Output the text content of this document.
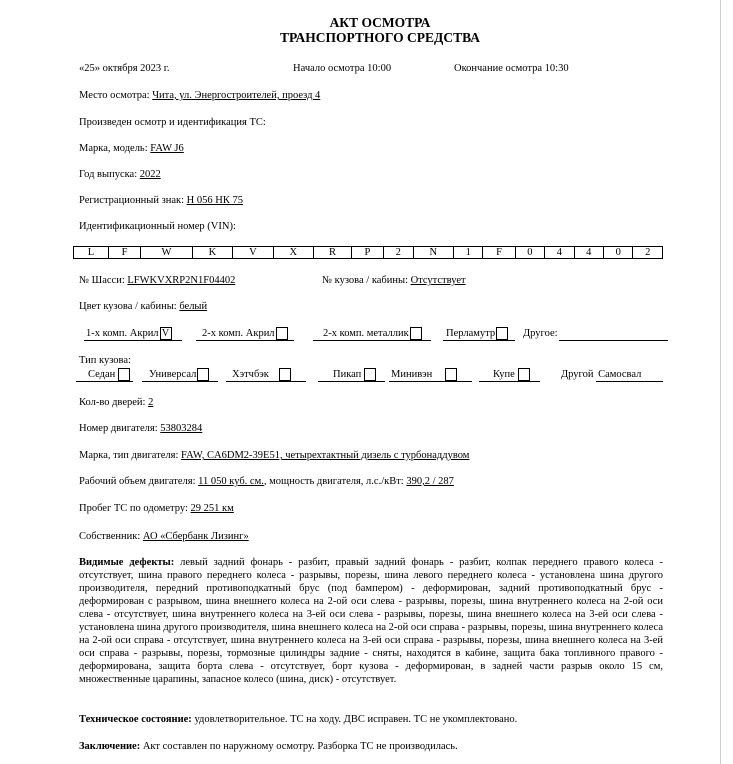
АКТ ОСМОТРА
ТРАНСПОРТНОГО СРЕДСТВА
«25» октября 2023 г.	Начало осмотра 10:00	Окончание осмотра 10:30
Место осмотра: Чита, ул. Энергостроителей, проезд 4
Произведен осмотр и идентификация ТС:
Марка, модель: FAW J6
Год выпуска: 2022
Регистрационный знак: Н 056 НК 75
Идентификационный номер (VIN):
L	F	W	K	V	X	R	P	2	N	1	F	0	4	4	0	2
№ Шасси: LFWKVXRP2N1F04402	№ кузова / кабины: Отсутствует
Цвет кузова / кабины: белый
1-х комп. Акрил V	2-х комп. Акрил	2-х комп. металлик	Перламутр	Другое:
Тип кузова:
Седан	Универсал	Хэтчбэк	Пикап	Минивэн	Купе	Другой Самосвал
Кол-во дверей: 2
Номер двигателя: 53803284
Марка, тип двигателя: FAW, CA6DM2-39E51, четырехтактный дизель с турбонаддувом
Рабочий объем двигателя: 11 050 куб. см., мощность двигателя, л.с./кВт: 390,2 / 287
Пробег ТС по одометру: 29 251 км
Собственник: АО «Сбербанк Лизинг»
Видимые дефекты: левый задний фонарь - разбит, правый задний фонарь - разбит, колпак переднего правого колеса - отсутствует, шина правого переднего колеса - разрывы, порезы, шина левого переднего колеса - установлена шина другого производителя, передний противоподкатный брус (под бампером) - деформирован, задний противоподкатный брус - деформирован с разрывом, шина внешнего колеса на 2-ой оси слева - разрывы, порезы, шина внутреннего колеса на 2-ой оси слева - отсутствует, шина внутреннего колеса на 3-ей оси слева - разрывы, порезы, шина внешнего колеса на 3-ей оси слева - установлена шина другого производителя, шина внешнего колеса на 2-ой оси справа - разрывы, порезы, шина внутреннего колеса на 2-ой оси справа - отсутствует, шина внутреннего колеса на 3-ей оси справа - разрывы, порезы, шина внешнего колеса на 3-ей оси справа - разрывы, порезы, тормозные цилиндры задние - сняты, находятся в кабине, защита бака топливного правого - деформирована, защита борта слева - отсутствует, борт кузова - деформирован, в задней части разрыв около 15 см, множественные царапины, запасное колесо (шина, диск) - отсутствует.
Техническое состояние: удовлетворительное. ТС на ходу. ДВС исправен. ТС не укомплектовано.
Заключение: Акт составлен по наружному осмотру. Разборка ТС не производилась.
